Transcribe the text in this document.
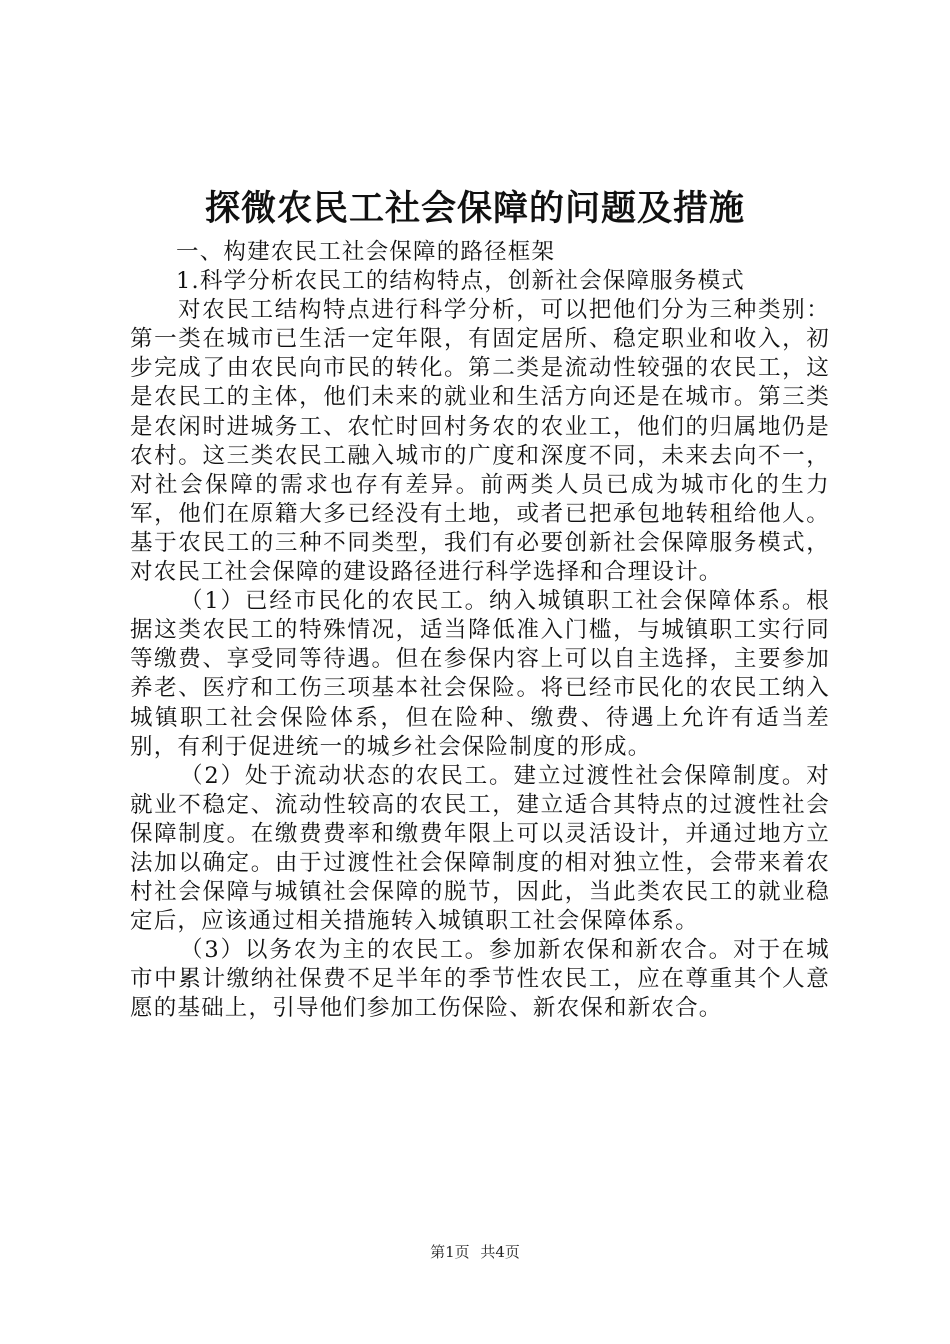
探微农民工社会保障的问题及措施

一、构建农民工社会保障的路径框架

1.科学分析农民工的结构特点，创新社会保障服务模式

对农民工结构特点进行科学分析，可以把他们分为三种类别：第一类在城市已生活一定年限，有固定居所、稳定职业和收入，初步完成了由农民向市民的转化。第二类是流动性较强的农民工，这是农民工的主体，他们未来的就业和生活方向还是在城市。第三类是农闲时进城务工、农忙时回村务农的农业工，他们的归属地仍是农村。这三类农民工融入城市的广度和深度不同，未来去向不一，对社会保障的需求也存有差异。前两类人员已成为城市化的生力军，他们在原籍大多已经没有土地，或者已把承包地转租给他人。基于农民工的三种不同类型，我们有必要创新社会保障服务模式，对农民工社会保障的建设路径进行科学选择和合理设计。

（1）已经市民化的农民工。纳入城镇职工社会保障体系。根据这类农民工的特殊情况，适当降低准入门槛，与城镇职工实行同等缴费、享受同等待遇。但在参保内容上可以自主选择，主要参加养老、医疗和工伤三项基本社会保险。将已经市民化的农民工纳入城镇职工社会保险体系，但在险种、缴费、待遇上允许有适当差别，有利于促进统一的城乡社会保险制度的形成。

（2）处于流动状态的农民工。建立过渡性社会保障制度。对就业不稳定、流动性较高的农民工，建立适合其特点的过渡性社会保障制度。在缴费费率和缴费年限上可以灵活设计，并通过地方立法加以确定。由于过渡性社会保障制度的相对独立性，会带来着农村社会保障与城镇社会保障的脱节，因此，当此类农民工的就业稳定后，应该通过相关措施转入城镇职工社会保障体系。

（3）以务农为主的农民工。参加新农保和新农合。对于在城市中累计缴纳社保费不足半年的季节性农民工，应在尊重其个人意愿的基础上，引导他们参加工伤保险、新农保和新农合。

第1页 共4页
